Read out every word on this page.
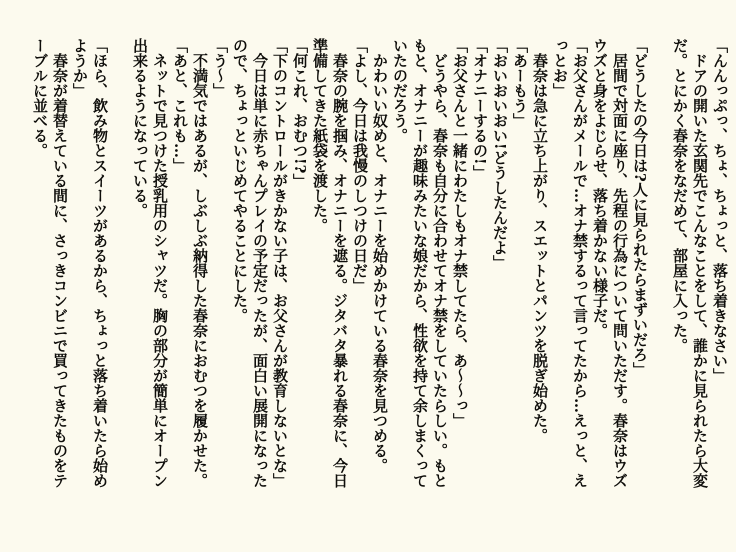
「んんっぷっ、ちょ、ちょっと、落ち着きなさい」

ドアの開いた玄関先でこんなことをして、誰かに見られたら大変だ。とにかく春奈をなだめて、部屋に入った。

「どうしたの今日は?人に見られたらまずいだろ」

居間で対面に座り、先程の行為について問いただす。春奈はウズウズと身をよじらせ、落ち着かない様子だ。

「お父さんがメールで…オナ禁するって言ってたから…えっと、えっとお」

春奈は急に立ち上がり、スエットとパンツを脱ぎ始めた。

「あーもう」

「おいおいおい!どうしたんだよ」

「オナニーするの!」

「お父さんと一緒にわたしもオナ禁してたら、あ〜〜っ」

どうやら、春奈も自分に合わせてオナ禁をしていたらしい。もともと、オナニーが趣味みたいな娘だから、性欲を持て余しまくっていたのだろう。

かわいい奴めと、オナニーを始めかけている春奈を見つめる。

「よし、今日は我慢のしつけの日だ」

春奈の腕を掴み、オナニーを遮る。ジタバタ暴れる春奈に、今日準備してきた紙袋を渡した。

「何これ、おむつ!?」

「下のコントロールがきかない子は、お父さんが教育しないとな」

今日は単に赤ちゃんプレイの予定だったが、面白い展開になったので、ちょっといじめてやることにした。

「う〜」

不満気ではあるが、しぶしぶ納得した春奈におむつを履かせた。

「あと、これも…」

ネットで見つけた授乳用のシャツだ。胸の部分が簡単にオープン出来るようになっている。

「ほら、飲み物とスイーツがあるから、ちょっと落ち着いたら始めようか」

春奈が着替えている間に、さっきコンビニで買ってきたものをテーブルに並べる。
